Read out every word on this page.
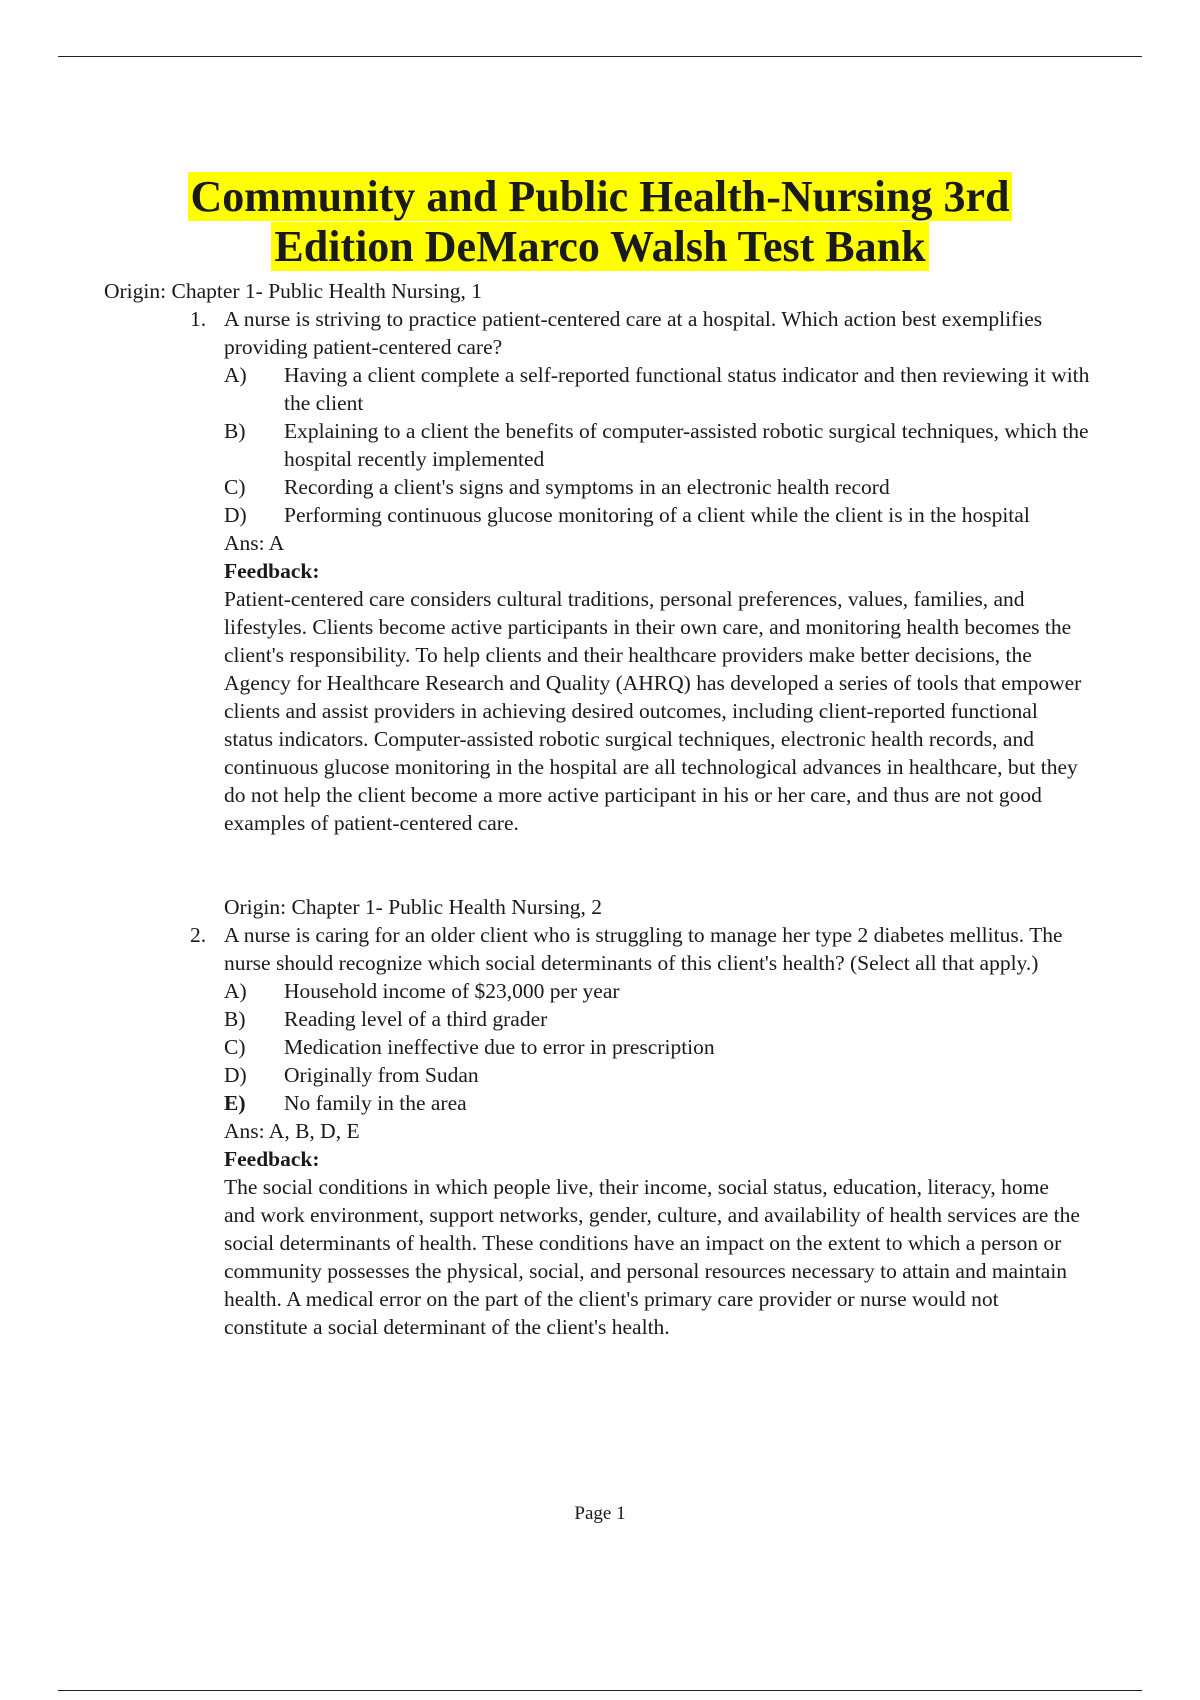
Community and Public Health-Nursing 3rd
Edition DeMarco Walsh Test Bank
Origin: Chapter 1- Public Health Nursing, 1
1. A nurse is striving to practice patient-centered care at a hospital. Which action best exemplifies providing patient-centered care?
A) Having a client complete a self-reported functional status indicator and then reviewing it with the client
B) Explaining to a client the benefits of computer-assisted robotic surgical techniques, which the hospital recently implemented
C) Recording a client's signs and symptoms in an electronic health record
D) Performing continuous glucose monitoring of a client while the client is in the hospital
Ans: A
Feedback:
Patient-centered care considers cultural traditions, personal preferences, values, families, and lifestyles. Clients become active participants in their own care, and monitoring health becomes the client's responsibility. To help clients and their healthcare providers make better decisions, the Agency for Healthcare Research and Quality (AHRQ) has developed a series of tools that empower clients and assist providers in achieving desired outcomes, including client-reported functional status indicators. Computer-assisted robotic surgical techniques, electronic health records, and continuous glucose monitoring in the hospital are all technological advances in healthcare, but they do not help the client become a more active participant in his or her care, and thus are not good examples of patient-centered care.
Origin: Chapter 1- Public Health Nursing, 2
2. A nurse is caring for an older client who is struggling to manage her type 2 diabetes mellitus. The nurse should recognize which social determinants of this client's health? (Select all that apply.)
A) Household income of $23,000 per year
B) Reading level of a third grader
C) Medication ineffective due to error in prescription
D) Originally from Sudan
E) No family in the area
Ans: A, B, D, E
Feedback:
The social conditions in which people live, their income, social status, education, literacy, home and work environment, support networks, gender, culture, and availability of health services are the social determinants of health. These conditions have an impact on the extent to which a person or community possesses the physical, social, and personal resources necessary to attain and maintain health. A medical error on the part of the client's primary care provider or nurse would not constitute a social determinant of the client's health.
Page 1
